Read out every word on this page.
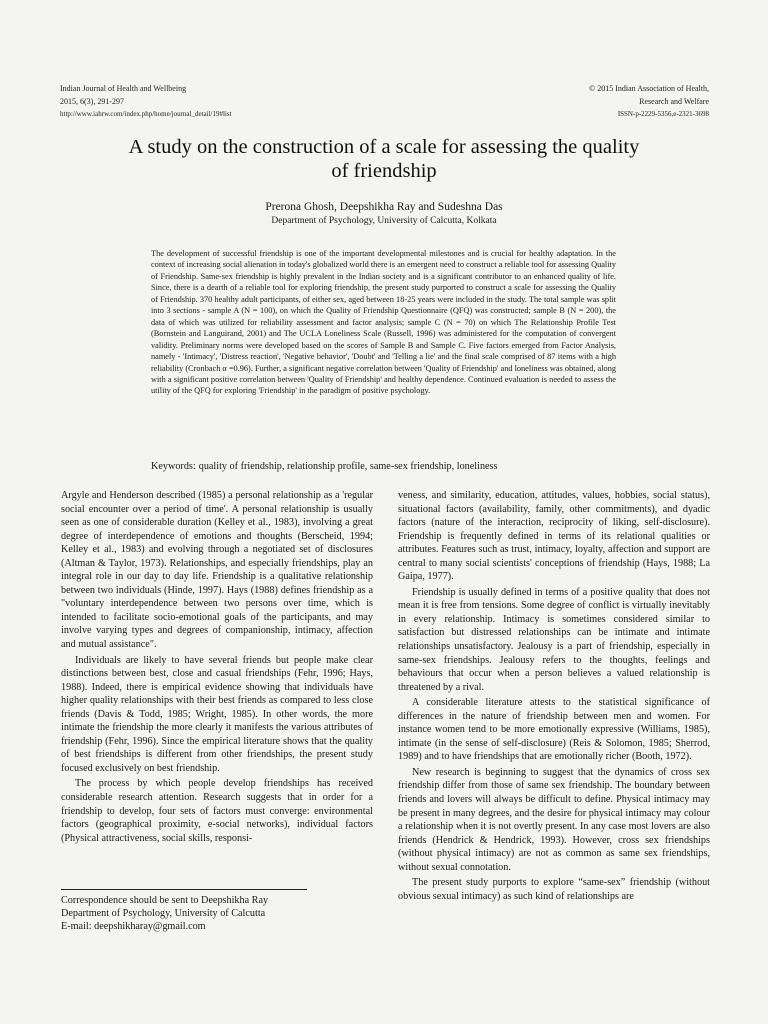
Indian Journal of Health and Wellbeing
2015, 6(3), 291-297
http://www.iahrw.com/index.php/home/journal_detail/19#list
© 2015 Indian Association of Health,
Research and Welfare
ISSN-p-2229-5356,e-2321-3698
A study on the construction of a scale for assessing the quality of friendship
Prerona Ghosh, Deepshikha Ray and Sudeshna Das
Department of Psychology, University of Calcutta, Kolkata
The development of successful friendship is one of the important developmental milestones and is crucial for healthy adaptation. In the context of increasing social alienation in today's globalized world there is an emergent need to construct a reliable tool for assessing Quality of Friendship. Same-sex friendship is highly prevalent in the Indian society and is a significant contributor to an enhanced quality of life. Since, there is a dearth of a reliable tool for exploring friendship, the present study purported to construct a scale for assessing the Quality of Friendship. 370 healthy adult participants, of either sex, aged between 18-25 years were included in the study. The total sample was split into 3 sections - sample A (N = 100), on which the Quality of Friendship Questionnaire (QFQ) was constructed; sample B (N = 200), the data of which was utilized for reliability assessment and factor analysis; sample C (N = 70) on which The Relationship Profile Test (Bornstein and Languirand, 2001) and The UCLA Loneliness Scale (Russell, 1996) was administered for the computation of convergent validity. Preliminary norms were developed based on the scores of Sample B and Sample C. Five factors emerged from Factor Analysis, namely - 'Intimacy', 'Distress reaction', 'Negative behavior', 'Doubt' and 'Telling a lie' and the final scale comprised of 87 items with a high reliability (Cronbach α =0.96). Further, a significant negative correlation between 'Quality of Friendship' and loneliness was obtained, along with a significant positive correlation between 'Quality of Friendship' and healthy dependence. Continued evaluation is needed to assess the utility of the QFQ for exploring 'Friendship' in the paradigm of positive psychology.
Keywords: quality of friendship, relationship profile, same-sex friendship, loneliness

Argyle and Henderson described (1985) a personal relationship as a 'regular social encounter over a period of time'. A personal relationship is usually seen as one of considerable duration (Kelley et al., 1983), involving a great degree of interdependence of emotions and thoughts (Berscheid, 1994; Kelley et al., 1983) and evolving through a negotiated set of disclosures (Altman & Taylor, 1973). Relationships, and especially friendships, play an integral role in our day to day life. Friendship is a qualitative relationship between two individuals (Hinde, 1997). Hays (1988) defines friendship as a "voluntary interdependence between two persons over time, which is intended to facilitate socio-emotional goals of the participants, and may involve varying types and degrees of companionship, intimacy, affection and mutual assistance".

Individuals are likely to have several friends but people make clear distinctions between best, close and casual friendships (Fehr, 1996; Hays, 1988). Indeed, there is empirical evidence showing that individuals have higher quality relationships with their best friends as compared to less close friends (Davis & Todd, 1985; Wright, 1985). In other words, the more intimate the friendship the more clearly it manifests the various attributes of friendship (Fehr, 1996). Since the empirical literature shows that the quality of best friendships is different from other friendships, the present study focused exclusively on best friendship.

The process by which people develop friendships has received considerable research attention. Research suggests that in order for a friendship to develop, four sets of factors must converge: environmental factors (geographical proximity, e-social networks), individual factors (Physical attractiveness, social skills, responsi-

veness, and similarity, education, attitudes, values, hobbies, social status), situational factors (availability, family, other commitments), and dyadic factors (nature of the interaction, reciprocity of liking, self-disclosure). Friendship is frequently defined in terms of its relational qualities or attributes. Features such as trust, intimacy, loyalty, affection and support are central to many social scientists' conceptions of friendship (Hays, 1988; La Gaipa, 1977).

Friendship is usually defined in terms of a positive quality that does not mean it is free from tensions. Some degree of conflict is virtually inevitably in every relationship. Intimacy is sometimes considered similar to satisfaction but distressed relationships can be intimate and intimate relationships unsatisfactory. Jealousy is a part of friendship, especially in same-sex friendships. Jealousy refers to the thoughts, feelings and behaviours that occur when a person believes a valued relationship is threatened by a rival.

A considerable literature attests to the statistical significance of differences in the nature of friendship between men and women. For instance women tend to be more emotionally expressive (Williams, 1985), intimate (in the sense of self-disclosure) (Reis & Solomon, 1985; Sherrod, 1989) and to have friendships that are emotionally richer (Booth, 1972).

New research is beginning to suggest that the dynamics of cross sex friendship differ from those of same sex friendship. The boundary between friends and lovers will always be difficult to define. Physical intimacy may be present in many degrees, and the desire for physical intimacy may colour a relationship when it is not overtly present. In any case most lovers are also friends (Hendrick & Hendrick, 1993). However, cross sex friendships (without physical intimacy) are not as common as same sex friendships, without sexual connotation.

The present study purports to explore “same-sex” friendship (without obvious sexual intimacy) as such kind of relationships are

Correspondence should be sent to Deepshikha Ray
Department of Psychology, University of Calcutta
E-mail: deepshikharay@gmail.com
